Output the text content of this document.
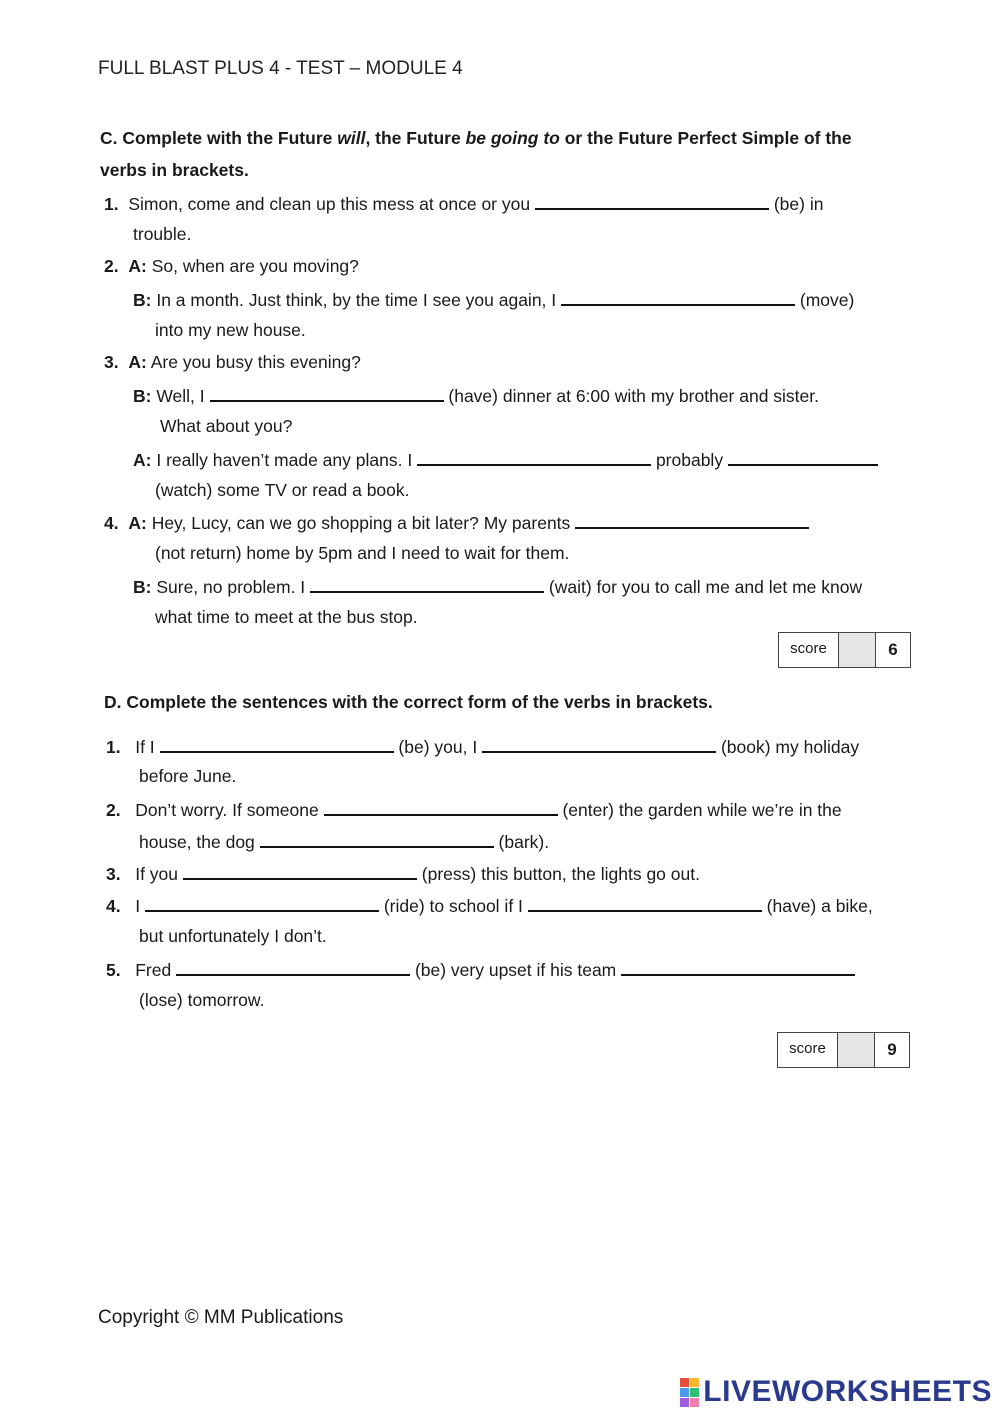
FULL BLAST PLUS 4 - TEST – MODULE 4
C. Complete with the Future will, the Future be going to or the Future Perfect Simple of the
verbs in brackets.
1. Simon, come and clean up this mess at once or you	(be) in
trouble.
2. A: So, when are you moving?
B: In a month. Just think, by the time I see you again, I	(move)
into my new house.
3. A: Are you busy this evening?
B: Well, I	(have) dinner at 6:00 with my brother and sister.
What about you?
A: I really haven’t made any plans. I	probably
(watch) some TV or read a book.
4. A: Hey, Lucy, can we go shopping a bit later? My parents
(not return) home by 5pm and I need to wait for them.
B: Sure, no problem. I	(wait) for you to call me and let me know
what time to meet at the bus stop.
score	6
D. Complete the sentences with the correct form of the verbs in brackets.
1. If I	(be) you, I	(book) my holiday
before June.
2. Don’t worry. If someone	(enter) the garden while we’re in the
house, the dog	(bark).
3. If you	(press) this button, the lights go out.
4. I	(ride) to school if I	(have) a bike,
but unfortunately I don’t.
5. Fred	(be) very upset if his team
(lose) tomorrow.
score	9
Copyright © MM Publications
LIVEWORKSHEETS
